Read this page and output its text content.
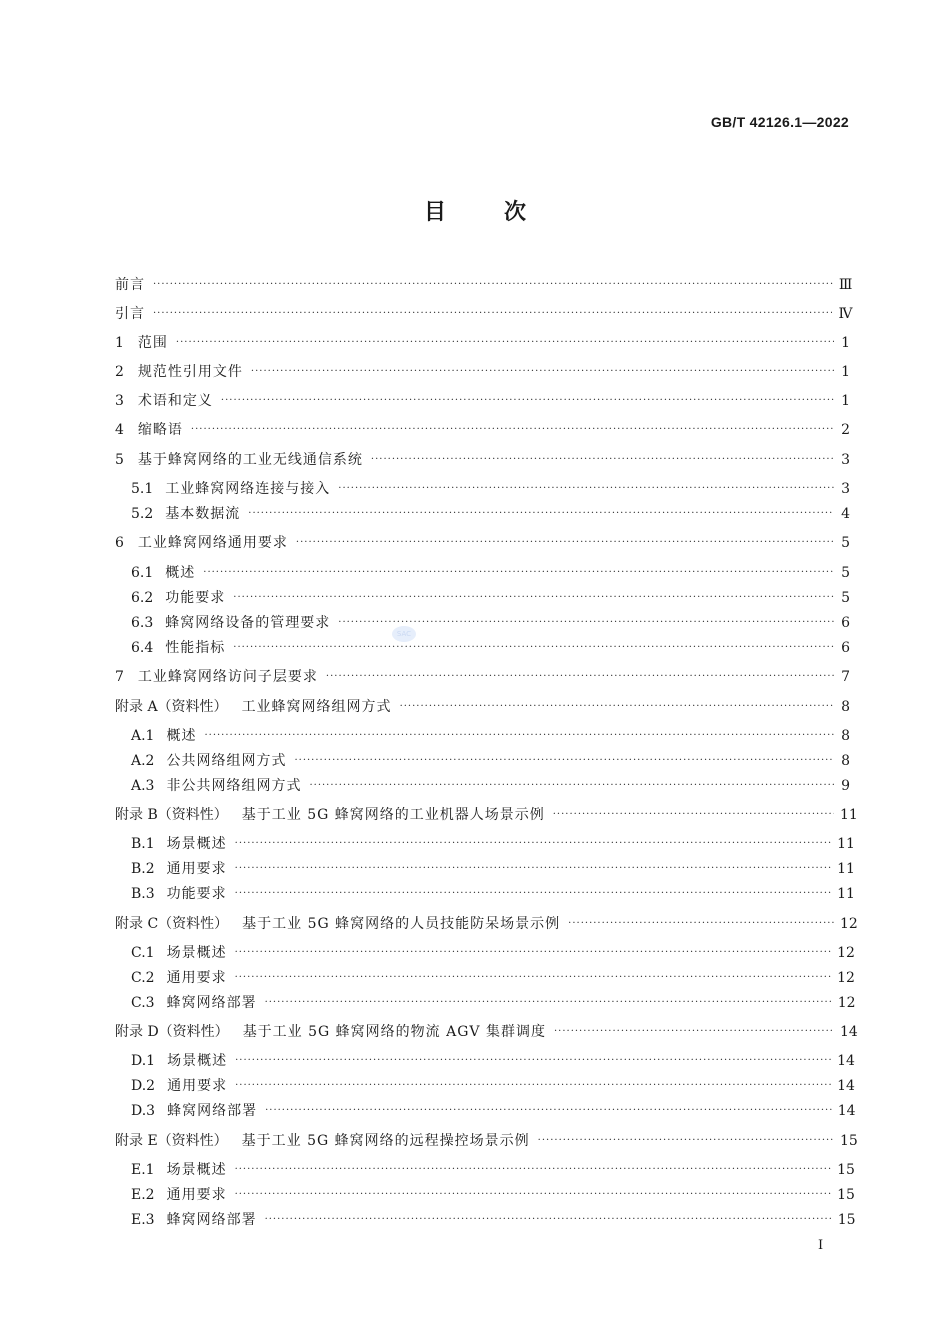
GB/T 42126.1—2022
目次
前言 ·····	Ⅲ
引言 ·····	Ⅳ
1 范围 ·····	1
2 规范性引用文件 ·····	1
3 术语和定义 ·····	1
4 缩略语 ·····	2
5 基于蜂窝网络的工业无线通信系统 ·····	3
5.1 工业蜂窝网络连接与接入 ·····	3
5.2 基本数据流 ·····	4
6 工业蜂窝网络通用要求 ·····	5
6.1 概述 ·····	5
6.2 功能要求 ·····	5
6.3 蜂窝网络设备的管理要求 ·····	6
6.4 性能指标 ·····	6
7 工业蜂窝网络访问子层要求 ·····	7
附录 A（资料性） 工业蜂窝网络组网方式 ·····	8
A.1 概述 ·····	8
A.2 公共网络组网方式 ·····	8
A.3 非公共网络组网方式 ·····	9
附录 B（资料性） 基于工业 5G 蜂窝网络的工业机器人场景示例 ·····	11
B.1 场景概述 ·····	11
B.2 通用要求 ·····	11
B.3 功能要求 ·····	11
附录 C（资料性） 基于工业 5G 蜂窝网络的人员技能防呆场景示例 ·····	12
C.1 场景概述 ·····	12
C.2 通用要求 ·····	12
C.3 蜂窝网络部署 ·····	12
附录 D（资料性） 基于工业 5G 蜂窝网络的物流 AGV 集群调度 ·····	14
D.1 场景概述 ·····	14
D.2 通用要求 ·····	14
D.3 蜂窝网络部署 ·····	14
附录 E（资料性） 基于工业 5G 蜂窝网络的远程操控场景示例 ·····	15
E.1 场景概述 ·····	15
E.2 通用要求 ·····	15
E.3 蜂窝网络部署 ·····	15
SAC
Ⅰ
